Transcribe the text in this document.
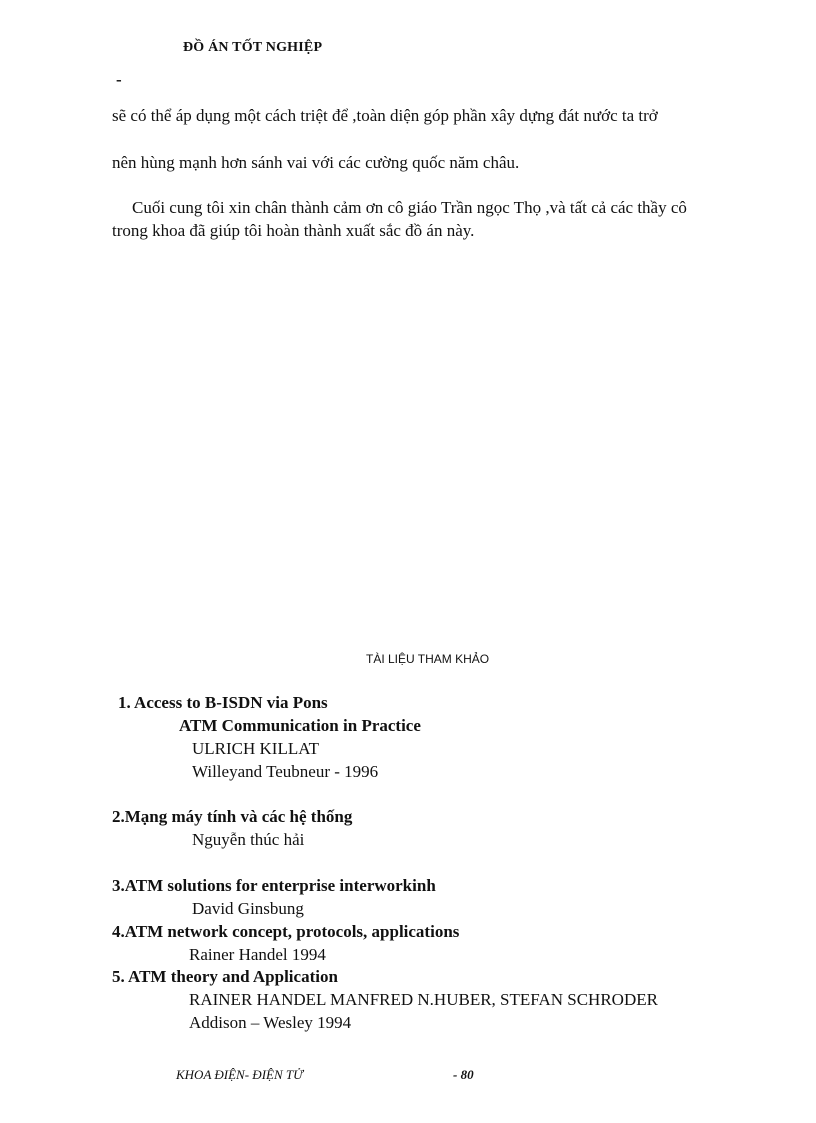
ĐỒ ÁN TỐT NGHIỆP
-
sẽ có thể áp dụng một cách triệt để ,toàn diện góp phần xây dựng đát nước ta trở
nên hùng mạnh hơn sánh vai với các cường quốc năm châu.
Cuối cung tôi xin chân thành cảm ơn cô giáo Trần ngọc Thọ ,và tất cả các thầy cô
trong khoa đã giúp tôi hoàn thành xuất sắc đồ án này.
TÀI LIỆU THAM KHẢO
1. Access to B-ISDN via Pons
ATM Communication in Practice
ULRICH KILLAT
Willeyand Teubneur - 1996
2.Mạng máy tính và các hệ thống
Nguyễn thúc hải
3.ATM solutions for enterprise interworkinh
David Ginsbung
4.ATM network concept, protocols, applications
Rainer Handel 1994
5. ATM theory and Application
RAINER HANDEL MANFRED N.HUBER, STEFAN SCHRODER
Addison – Wesley 1994
KHOA ĐIỆN- ĐIỆN TỬ	- 80
